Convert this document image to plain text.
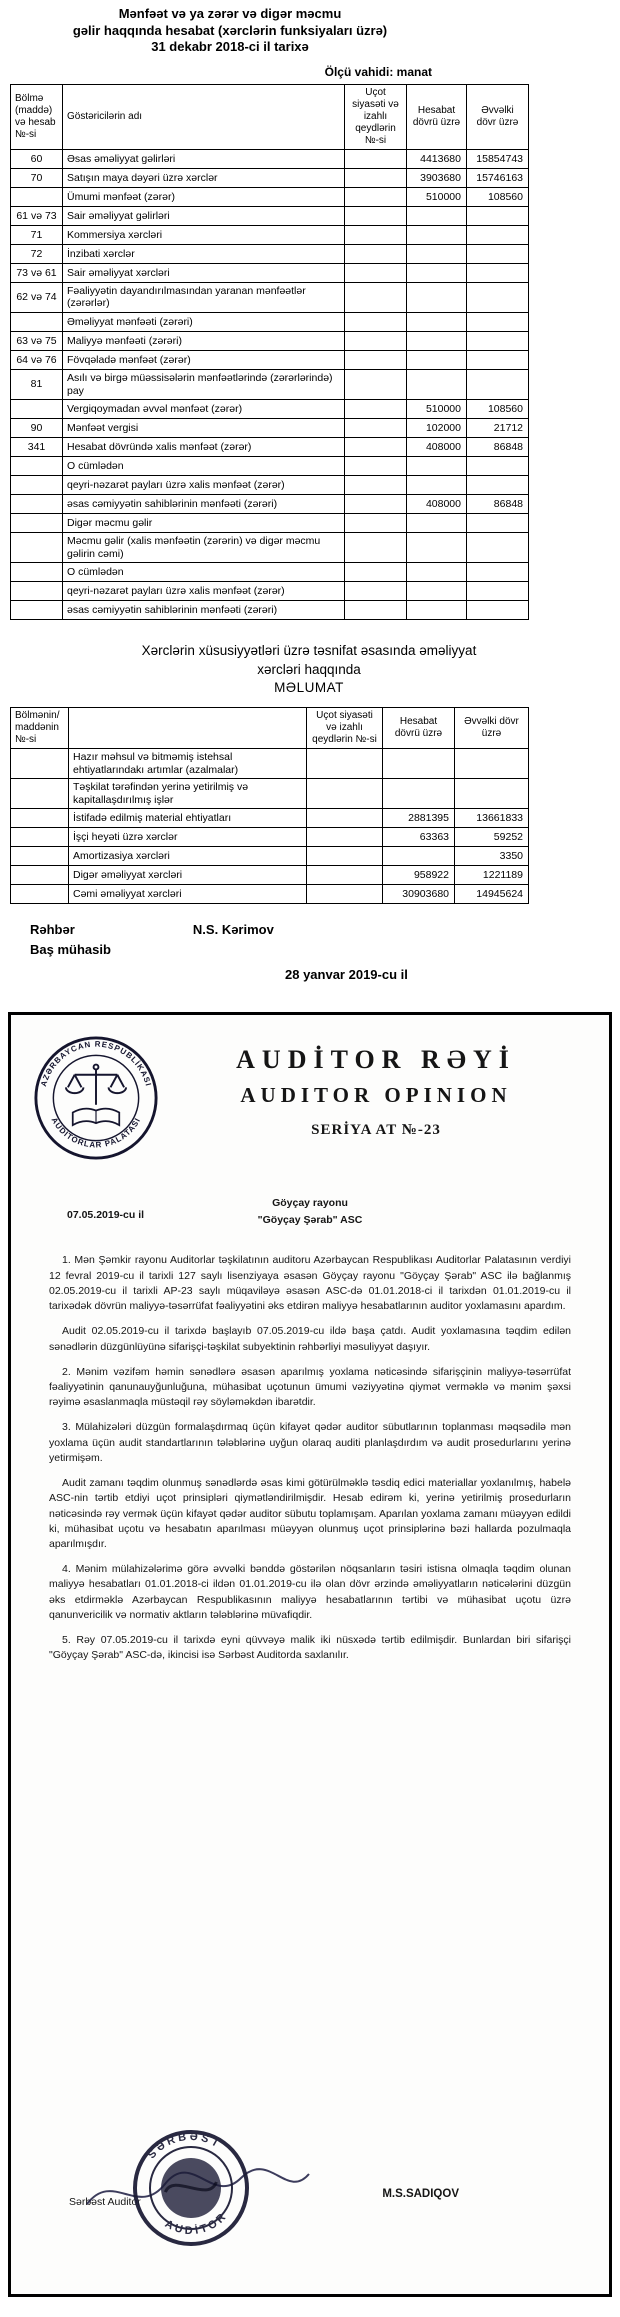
Mənfəət və ya zərər və digər məcmu
gəlir haqqında hesabat (xərclərin funksiyaları üzrə)
31 dekabr 2018-ci il tarixə
Ölçü vahidi: manat
Bölmə (maddə) və hesab №-si	Göstəricilərin adı	Uçot siyasəti və izahlı qeydlərin №-si	Hesabat dövrü üzrə	Əvvəlki dövr üzrə
60	Əsas əməliyyat gəlirləri		4413680	15854743
70	Satışın maya dəyəri üzrə xərclər		3903680	15746163
	Ümumi mənfəət (zərər)		510000	108560
61 və 73	Sair əməliyyat gəlirləri			
71	Kommersiya xərcləri			
72	İnzibati xərclər			
73 və 61	Sair əməliyyat xərcləri			
62 və 74	Fəaliyyətin dayandırılmasından yaranan mənfəətlər (zərərlər)			
	Əməliyyat mənfəəti (zərəri)			
63 və 75	Maliyyə mənfəəti (zərəri)			
64 və 76	Fövqəladə mənfəət (zərər)			
81	Asılı və birgə müəssisələrin mənfəətlərində (zərərlərində) pay			
	Vergiqoymadan əvvəl mənfəət (zərər)		510000	108560
90	Mənfəət vergisi		102000	21712
341	Hesabat dövründə xalis mənfəət (zərər)		408000	86848
	O cümlədən			
	qeyri-nəzarət payları üzrə xalis mənfəət (zərər)			
	əsas cəmiyyətin sahiblərinin mənfəəti (zərəri)		408000	86848
	Digər məcmu gəlir			
	Məcmu gəlir (xalis mənfəətin (zərərin) və digər məcmu gəlirin cəmi)			
	O cümlədən			
	qeyri-nəzarət payları üzrə xalis mənfəət (zərər)			
	əsas cəmiyyətin sahiblərinin mənfəəti (zərəri)			
Xərclərin xüsusiyyətləri üzrə təsnifat əsasında əməliyyat
xərcləri haqqında
MƏLUMAT
Bölmənin/ maddənin №-si		Uçot siyasəti və izahlı qeydlərin №-si	Hesabat dövrü üzrə	Əvvəlki dövr üzrə
	Hazır məhsul və bitməmiş istehsal ehtiyatlarındakı artımlar (azalmalar)			
	Təşkilat tərəfindən yerinə yetirilmiş və kapitallaşdırılmış işlər			
	İstifadə edilmiş material ehtiyatları		2881395	13661833
	İşçi heyəti üzrə xərclər		63363	59252
	Amortizasiya xərcləri			3350
	Digər əməliyyat xərcləri		958922	1221189
	Cəmi əməliyyat xərcləri		30903680	14945624
Rəhbər
Baş mühasib
N.S. Kərimov
28 yanvar 2019-cu il
AZƏRBAYCAN RESPUBLİKASI
AUDİTORLAR PALATASI
AUDİTOR RƏYİ
AUDITOR OPINION
SERİYA AT №-23
07.05.2019-cu il
Göyçay rayonu
"Göyçay Şərab" ASC

1. Mən Şəmkir rayonu Auditorlar təşkilatının auditoru Azərbaycan Respublikası Auditorlar Palatasının verdiyi 12 fevral 2019-cu il tarixli 127 saylı lisenziyaya əsasən Göyçay rayonu "Göyçay Şərab" ASC ilə bağlanmış 02.05.2019-cu il tarixli AP-23 saylı müqaviləyə əsasən ASC-də 01.01.2018-ci il tarixdən 01.01.2019-cu il tarixədək dövrün maliyyə-təsərrüfat fəaliyyətini əks etdirən maliyyə hesabatlarının auditor yoxlamasını apardım.

Audit 02.05.2019-cu il tarixdə başlayıb 07.05.2019-cu ildə başa çatdı. Audit yoxlamasına təqdim edilən sənədlərin düzgünlüyünə sifarişçi-təşkilat subyektinin rəhbərliyi məsuliyyət daşıyır.

2. Mənim vəzifəm həmin sənədlərə əsasən aparılmış yoxlama nəticəsində sifarişçinin maliyyə-təsərrüfat fəaliyyətinin qanunauyğunluğuna, mühasibat uçotunun ümumi vəziyyətinə qiymət verməklə və mənim şəxsi rəyimə əsaslanmaqla müstəqil rəy söyləməkdən ibarətdir.

3. Mülahizələri düzgün formalaşdırmaq üçün kifayət qədər auditor sübutlarının toplanması məqsədilə mən yoxlama üçün audit standartlarının tələblərinə uyğun olaraq auditi planlaşdırdım və audit prosedurlarını yerinə yetirmişəm.

Audit zamanı təqdim olunmuş sənədlərdə əsas kimi götürülməklə təsdiq edici materiallar yoxlanılmış, habelə ASC-nin tərtib etdiyi uçot prinsipləri qiymətləndirilmişdir. Hesab edirəm ki, yerinə yetirilmiş prosedurların nəticəsində rəy vermək üçün kifayət qədər auditor sübutu toplamışam. Aparılan yoxlama zamanı müəyyən edildi ki, mühasibat uçotu və hesabatın aparılması müəyyən olunmuş uçot prinsiplərinə bəzi hallarda pozulmaqla aparılmışdır.

4. Mənim mülahizələrimə görə əvvəlki bənddə göstərilən nöqsanların təsiri istisna olmaqla təqdim olunan maliyyə hesabatları 01.01.2018-ci ildən 01.01.2019-cu ilə olan dövr ərzində əməliyyatların nəticələrini düzgün əks etdirməklə Azərbaycan Respublikasının maliyyə hesabatlarının tərtibi və mühasibat uçotu üzrə qanunvericilik və normativ aktların tələblərinə müvafiqdir.

5. Rəy 07.05.2019-cu il tarixdə eyni qüvvəyə malik iki nüsxədə tərtib edilmişdir. Bunlardan biri sifarişçi "Göyçay Şərab" ASC-də, ikincisi isə Sərbəst Auditorda saxlanılır.

Sərbəst Auditor
SƏRBƏST
AUDİTOR
M.S.SADIQOV
